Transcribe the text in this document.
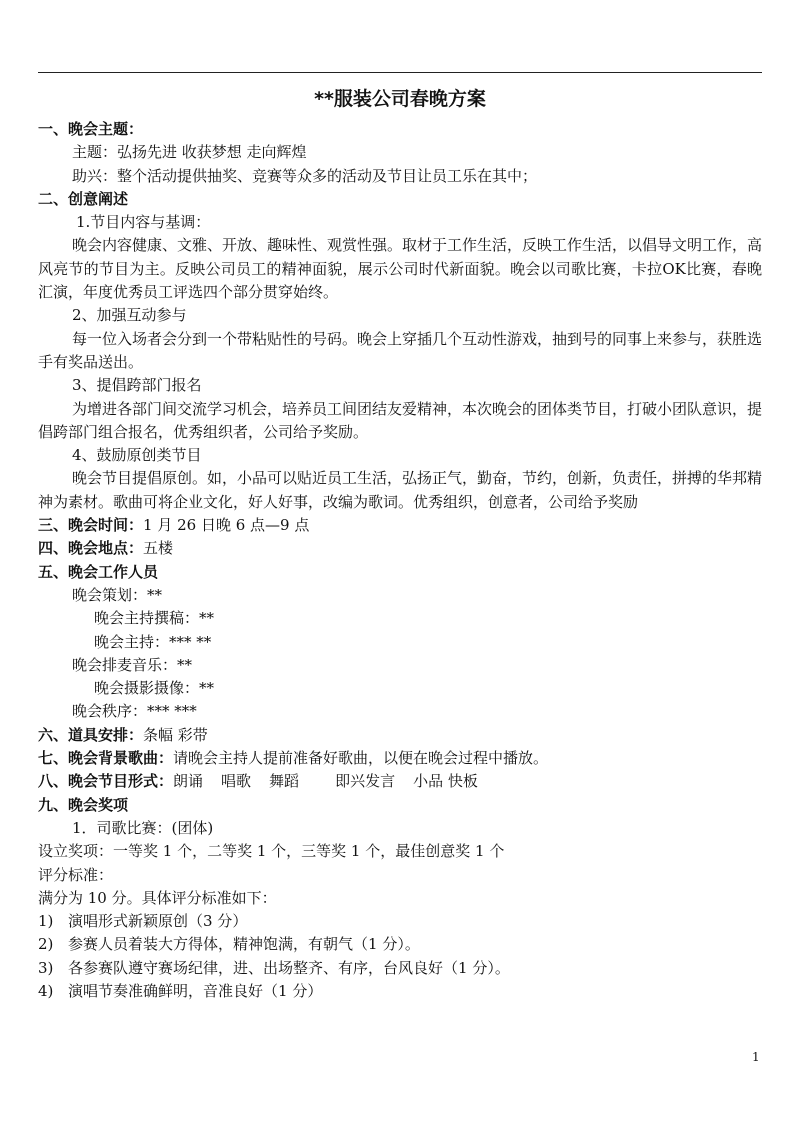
**服装公司春晚方案
一、晚会主题：
主题：弘扬先进 收获梦想 走向辉煌
助兴：整个活动提供抽奖、竞赛等众多的活动及节目让员工乐在其中；
二、创意阐述
1.节目内容与基调：
晚会内容健康、文雅、开放、趣味性、观赏性强。取材于工作生活，反映工作生活，以倡导文明工作，高风亮节的节目为主。反映公司员工的精神面貌，展示公司时代新面貌。晚会以司歌比赛，卡拉OK比赛，春晚汇演，年度优秀员工评选四个部分贯穿始终。
2、加强互动参与
每一位入场者会分到一个带粘贴性的号码。晚会上穿插几个互动性游戏，抽到号的同事上来参与，获胜选手有奖品送出。
3、提倡跨部门报名
为增进各部门间交流学习机会，培养员工间团结友爱精神，本次晚会的团体类节目，打破小团队意识，提倡跨部门组合报名，优秀组织者，公司给予奖励。
4、鼓励原创类节目
晚会节目提倡原创。如，小品可以贴近员工生活，弘扬正气，勤奋，节约，创新，负责任，拼搏的华邦精神为素材。歌曲可将企业文化，好人好事，改编为歌词。优秀组织，创意者，公司给予奖励
三、晚会时间：1 月 26 日晚 6 点—9 点
四、晚会地点：五楼
五、晚会工作人员
晚会策划：**
晚会主持撰稿：**
晚会主持：*** **
晚会排麦音乐：**
晚会摄影摄像：**
晚会秩序：*** ***
六、道具安排：条幅 彩带
七、晚会背景歌曲：请晚会主持人提前准备好歌曲，以便在晚会过程中播放。
八、晚会节目形式：朗诵 唱歌 舞蹈 即兴发言 小品 快板
九、晚会奖项
1．司歌比赛：(团体)
设立奖项：一等奖 1 个，二等奖 1 个，三等奖 1 个，最佳创意奖 1 个
评分标准：
满分为 10 分。具体评分标准如下：
1) 演唱形式新颖原创（3 分）
2) 参赛人员着装大方得体，精神饱满，有朝气（1 分）。
3) 各参赛队遵守赛场纪律，进、出场整齐、有序，台风良好（1 分）。
4) 演唱节奏准确鲜明，音准良好（1 分）
1
